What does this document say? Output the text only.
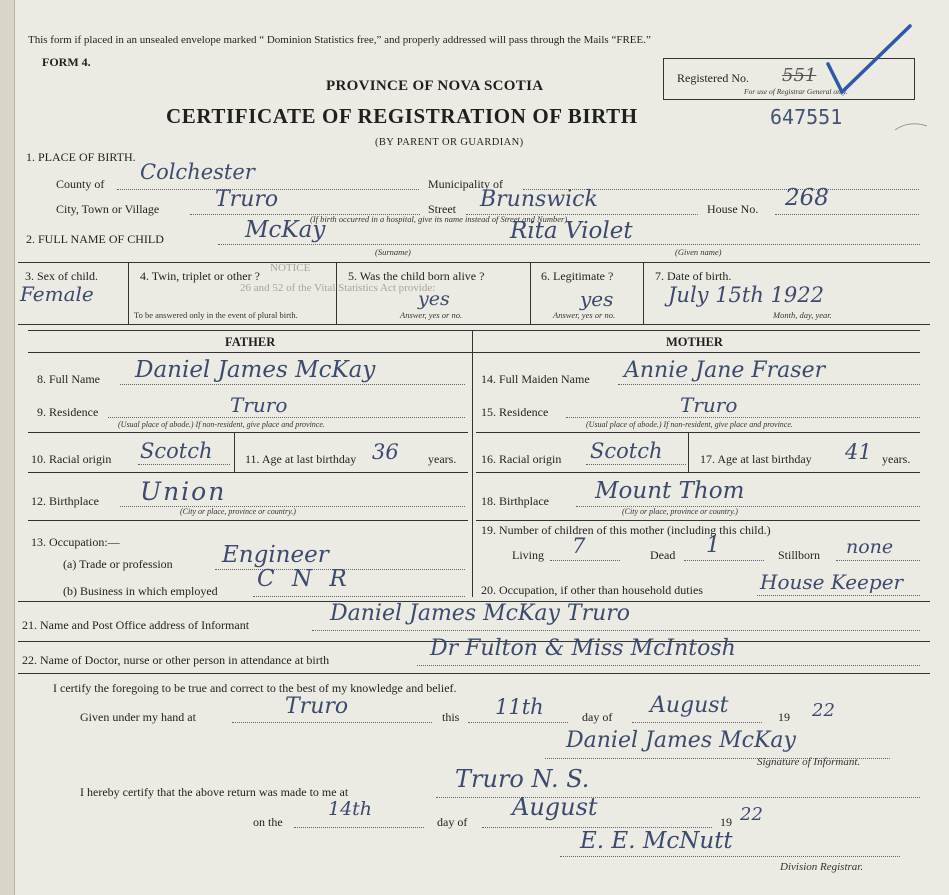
This form if placed in an unsealed envelope marked “ Dominion Statistics free,” and properly addressed will pass through the Mails “FREE.”
FORM 4.
PROVINCE OF NOVA SCOTIA
CERTIFICATE OF REGISTRATION OF BIRTH	647551
(BY PARENT OR GUARDIAN)
Registered No. 551
For use of Registrar General only.
1. PLACE OF BIRTH.
County of Colchester	Municipality of
City, Town or Village	Truro	Street Brunswick	House No. 268
(If birth occurred in a hospital, give its name instead of Street and Number)
2. FULL NAME OF CHILD	McKay	Rita Violet
(Surname)	(Given name)
3. Sex of child.
Female
4. Twin, triplet or other ?
To be answered only in the event of plural birth.
5. Was the child born alive ?
yes
Answer, yes or no.
6. Legitimate ?
yes
Answer, yes or no.
7. Date of birth.
July 15th 1922
Month, day, year.
NOTICE
26 and 52 of the Vital Statistics Act provide:
FATHER	MOTHER
8. Full Name Daniel James McKay
9. Residence	Truro
(Usual place of abode.) If non-resident, give place and province.
10. Racial origin Scotch	11. Age at last birthday 36 years.
12. Birthplace Union
(City or place, province or country.)
13. Occupation:—
(a) Trade or profession Engineer
(b) Business in which employed C N R
14. Full Maiden Name Annie Jane Fraser
15. Residence	Truro
(Usual place of abode.) If non-resident, give place and province.
16. Racial origin Scotch	17. Age at last birthday 41 years.
18. Birthplace Mount Thom
(City or place, province or country.)
19. Number of children of this mother (including this child.)
Living 7	Dead 1	Stillborn none
20. Occupation, if other than household duties	House Keeper
21. Name and Post Office address of Informant	Daniel James McKay Truro
22. Name of Doctor, nurse or other person in attendance at birth	Dr Fulton & Miss McIntosh
I certify the foregoing to be true and correct to the best of my knowledge and belief.
Given under my hand at	Truro	this 11th	day of August	19 22
Daniel James McKay
Signature of Informant.
I hereby certify that the above return was made to me at	Truro N. S.
on the
14th
day of
August
19 22
E. E. McNutt
Division Registrar.
